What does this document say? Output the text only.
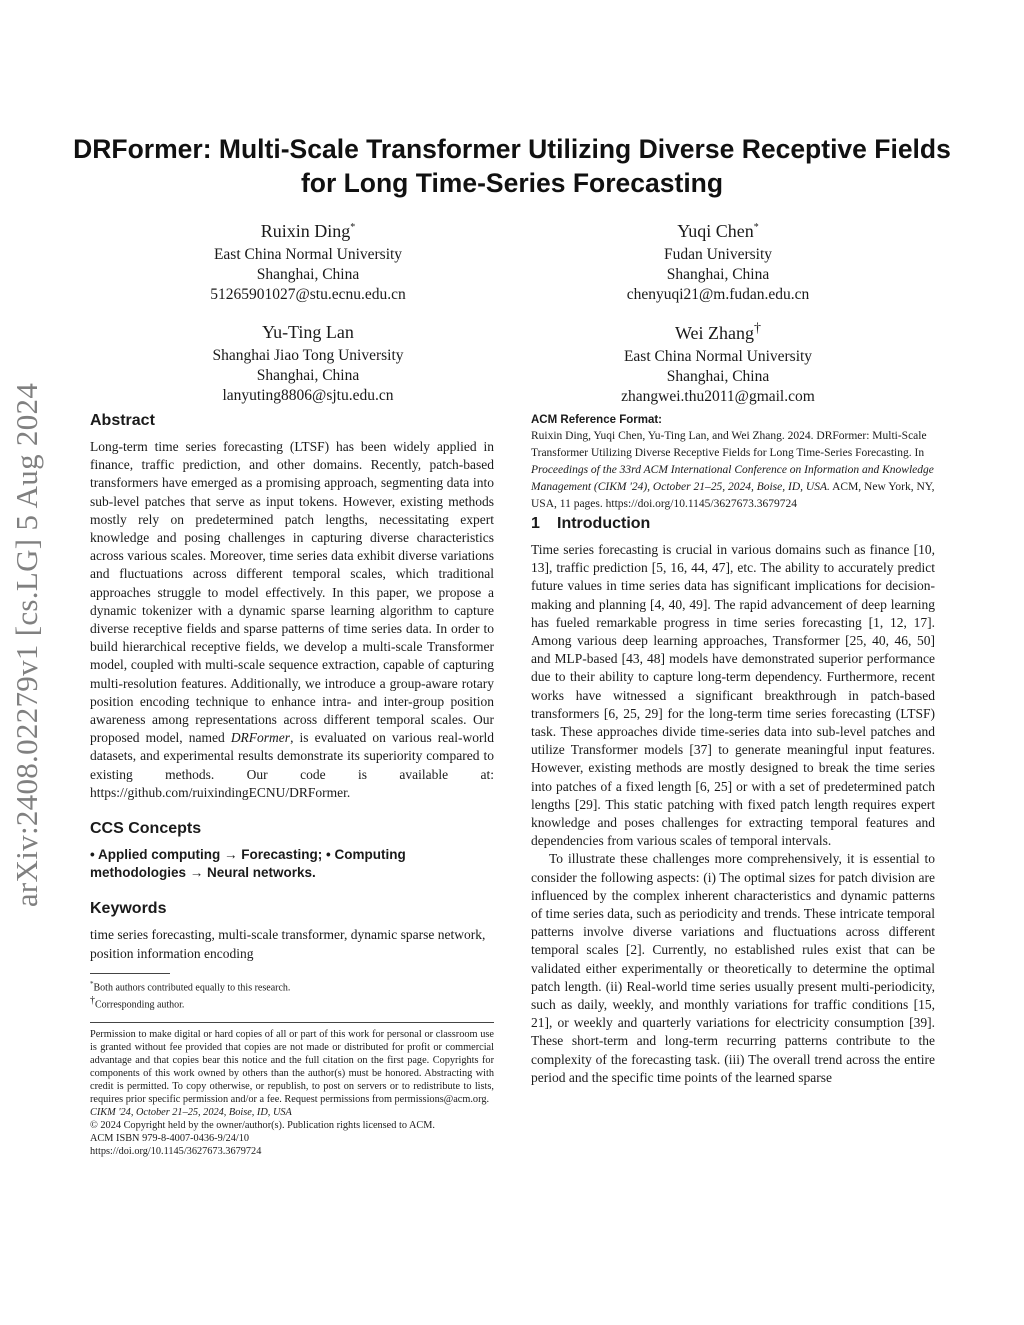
arXiv:2408.02279v1 [cs.LG] 5 Aug 2024
DRFormer: Multi-Scale Transformer Utilizing Diverse Receptive Fields for Long Time-Series Forecasting
Ruixin Ding*
East China Normal University
Shanghai, China
51265901027@stu.ecnu.edu.cn
Yuqi Chen*
Fudan University
Shanghai, China
chenyuqi21@m.fudan.edu.cn
Yu-Ting Lan
Shanghai Jiao Tong University
Shanghai, China
lanyuting8806@sjtu.edu.cn
Wei Zhang†
East China Normal University
Shanghai, China
zhangwei.thu2011@gmail.com
Abstract

Long-term time series forecasting (LTSF) has been widely applied in finance, traffic prediction, and other domains. Recently, patch-based transformers have emerged as a promising approach, segmenting data into sub-level patches that serve as input tokens. However, existing methods mostly rely on predetermined patch lengths, necessitating expert knowledge and posing challenges in capturing diverse characteristics across various scales. Moreover, time series data exhibit diverse variations and fluctuations across different temporal scales, which traditional approaches struggle to model effectively. In this paper, we propose a dynamic tokenizer with a dynamic sparse learning algorithm to capture diverse receptive fields and sparse patterns of time series data. In order to build hierarchical receptive fields, we develop a multi-scale Transformer model, coupled with multi-scale sequence extraction, capable of capturing multi-resolution features. Additionally, we introduce a group-aware rotary position encoding technique to enhance intra- and inter-group position awareness among representations across different temporal scales. Our proposed model, named DRFormer, is evaluated on various real-world datasets, and experimental results demonstrate its superiority compared to existing methods. Our code is available at: https://github.com/ruixindingECNU/DRFormer.

CCS Concepts

• Applied computing → Forecasting; • Computing methodologies → Neural networks.

Keywords

time series forecasting, multi-scale transformer, dynamic sparse network, position information encoding

*Both authors contributed equally to this research.
†Corresponding author.

Permission to make digital or hard copies of all or part of this work for personal or classroom use is granted without fee provided that copies are not made or distributed for profit or commercial advantage and that copies bear this notice and the full citation on the first page. Copyrights for components of this work owned by others than the author(s) must be honored. Abstracting with credit is permitted. To copy otherwise, or republish, to post on servers or to redistribute to lists, requires prior specific permission and/or a fee. Request permissions from permissions@acm.org.

CIKM '24, October 21–25, 2024, Boise, ID, USA

© 2024 Copyright held by the owner/author(s). Publication rights licensed to ACM.

ACM ISBN 979-8-4007-0436-9/24/10

https://doi.org/10.1145/3627673.3679724

ACM Reference Format:

Ruixin Ding, Yuqi Chen, Yu-Ting Lan, and Wei Zhang. 2024. DRFormer: Multi-Scale Transformer Utilizing Diverse Receptive Fields for Long Time-Series Forecasting. In Proceedings of the 33rd ACM International Conference on Information and Knowledge Management (CIKM '24), October 21–25, 2024, Boise, ID, USA. ACM, New York, NY, USA, 11 pages. https://doi.org/10.1145/3627673.3679724

1 Introduction

Time series forecasting is crucial in various domains such as finance [10, 13], traffic prediction [5, 16, 44, 47], etc. The ability to accurately predict future values in time series data has significant implications for decision-making and planning [4, 40, 49]. The rapid advancement of deep learning has fueled remarkable progress in time series forecasting [1, 12, 17]. Among various deep learning approaches, Transformer [25, 40, 46, 50] and MLP-based [43, 48] models have demonstrated superior performance due to their ability to capture long-term dependency. Furthermore, recent works have witnessed a significant breakthrough in patch-based transformers [6, 25, 29] for the long-term time series forecasting (LTSF) task. These approaches divide time-series data into sub-level patches and utilize Transformer models [37] to generate meaningful input features. However, existing methods are mostly designed to break the time series into patches of a fixed length [6, 25] or with a set of predetermined patch lengths [29]. This static patching with fixed patch length requires expert knowledge and poses challenges for extracting temporal features and dependencies from various scales of temporal intervals.

To illustrate these challenges more comprehensively, it is essential to consider the following aspects: (i) The optimal sizes for patch division are influenced by the complex inherent characteristics and dynamic patterns of time series data, such as periodicity and trends. These intricate temporal patterns involve diverse variations and fluctuations across different temporal scales [2]. Currently, no established rules exist that can be validated either experimentally or theoretically to determine the optimal patch length. (ii) Real-world time series usually present multi-periodicity, such as daily, weekly, and monthly variations for traffic conditions [15, 21], or weekly and quarterly variations for electricity consumption [39]. These short-term and long-term recurring patterns contribute to the complexity of the forecasting task. (iii) The overall trend across the entire period and the specific time points of the learned sparse
